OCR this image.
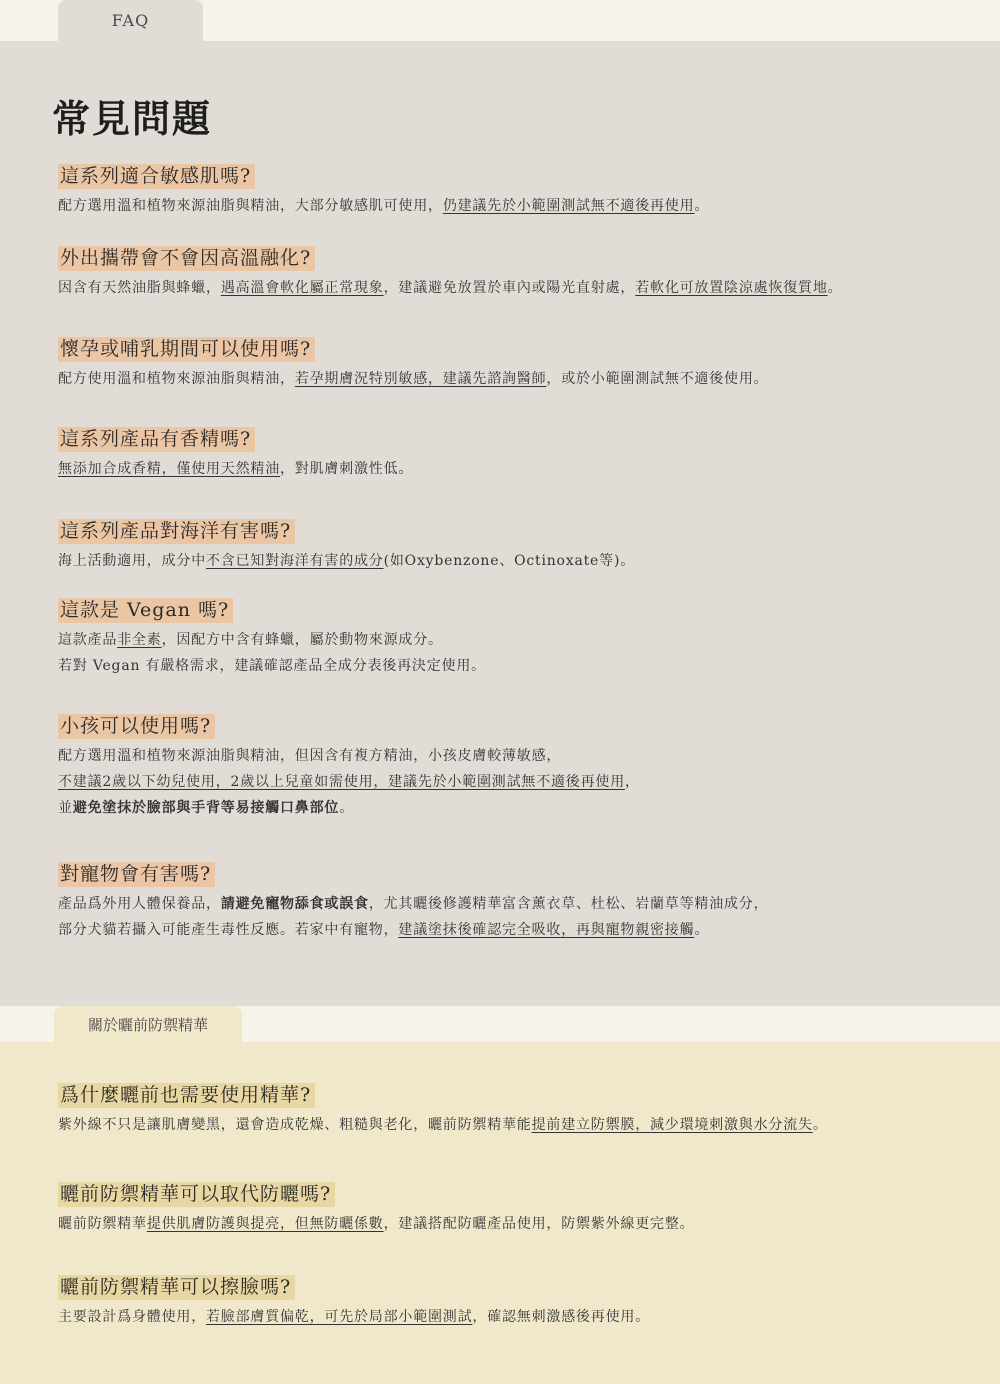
FAQ
常見問題
關於曬前防禦精華
這系列適合敏感肌嗎?

配方選用溫和植物來源油脂與精油，大部分敏感肌可使用，仍建議先於小範圍測試無不適後再使用。

外出攜帶會不會因高溫融化?

因含有天然油脂與蜂蠟，遇高溫會軟化屬正常現象，建議避免放置於車內或陽光直射處，若軟化可放置陰涼處恢復質地。

懷孕或哺乳期間可以使用嗎?

配方使用溫和植物來源油脂與精油，若孕期膚況特別敏感，建議先諮詢醫師，或於小範圍測試無不適後使用。

這系列產品有香精嗎?

無添加合成香精，僅使用天然精油，對肌膚刺激性低。

這系列產品對海洋有害嗎?

海上活動適用，成分中不含已知對海洋有害的成分(如Oxybenzone、Octinoxate等)。

這款是 Vegan 嗎?

這款產品非全素，因配方中含有蜂蠟，屬於動物來源成分。

若對 Vegan 有嚴格需求，建議確認產品全成分表後再決定使用。

小孩可以使用嗎?

配方選用溫和植物來源油脂與精油，但因含有複方精油，小孩皮膚較薄敏感，

不建議2歲以下幼兒使用，2歲以上兒童如需使用，建議先於小範圍測試無不適後再使用，

並避免塗抹於臉部與手背等易接觸口鼻部位。

對寵物會有害嗎?

產品爲外用人體保養品，請避免寵物舔食或誤食，尤其曬後修護精華富含薰衣草、杜松、岩蘭草等精油成分，

部分犬貓若攝入可能產生毒性反應。若家中有寵物，建議塗抹後確認完全吸收，再與寵物親密接觸。

爲什麼曬前也需要使用精華?

紫外線不只是讓肌膚變黑，還會造成乾燥、粗糙與老化，曬前防禦精華能提前建立防禦膜，減少環境刺激與水分流失。

曬前防禦精華可以取代防曬嗎?

曬前防禦精華提供肌膚防護與提亮，但無防曬係數，建議搭配防曬產品使用，防禦紫外線更完整。

曬前防禦精華可以擦臉嗎?

主要設計爲身體使用，若臉部膚質偏乾，可先於局部小範圍測試，確認無刺激感後再使用。
